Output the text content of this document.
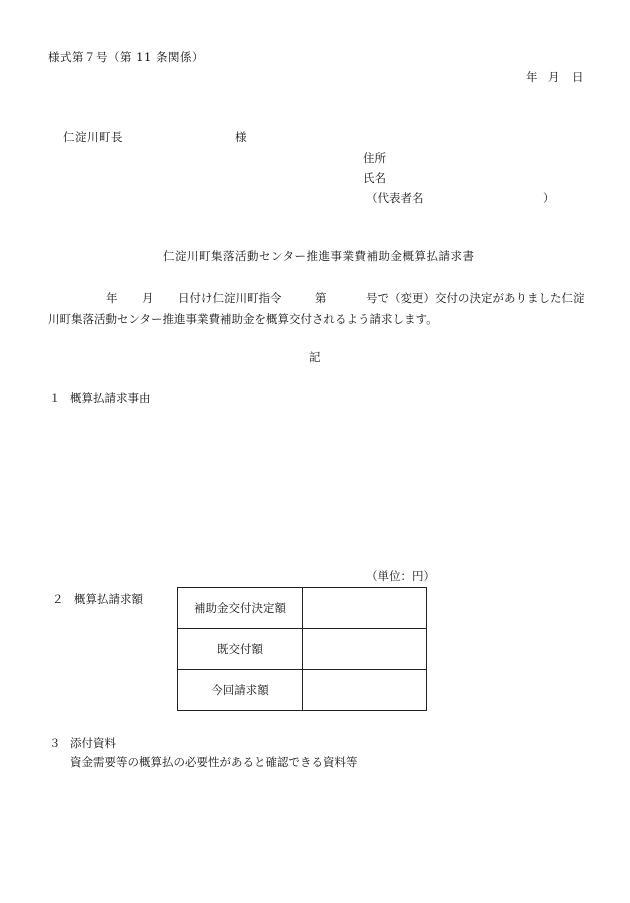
様式第７号（第 11 条関係）
年 月 日
仁淀川町長	様
住所
氏名
（代表者名	）
仁淀川町集落活動センター推進事業費補助金概算払請求書
年 月 日付け仁淀川町指令	第	号で（変更）交付の決定がありました仁淀
川町集落活動センター推進事業費補助金を概算交付されるよう請求します。
記
１ 概算払請求事由
（単位：円）
２ 概算払請求額
補助金交付決定額	
既交付額	
今回請求額	
３ 添付資料
資金需要等の概算払の必要性があると確認できる資料等
